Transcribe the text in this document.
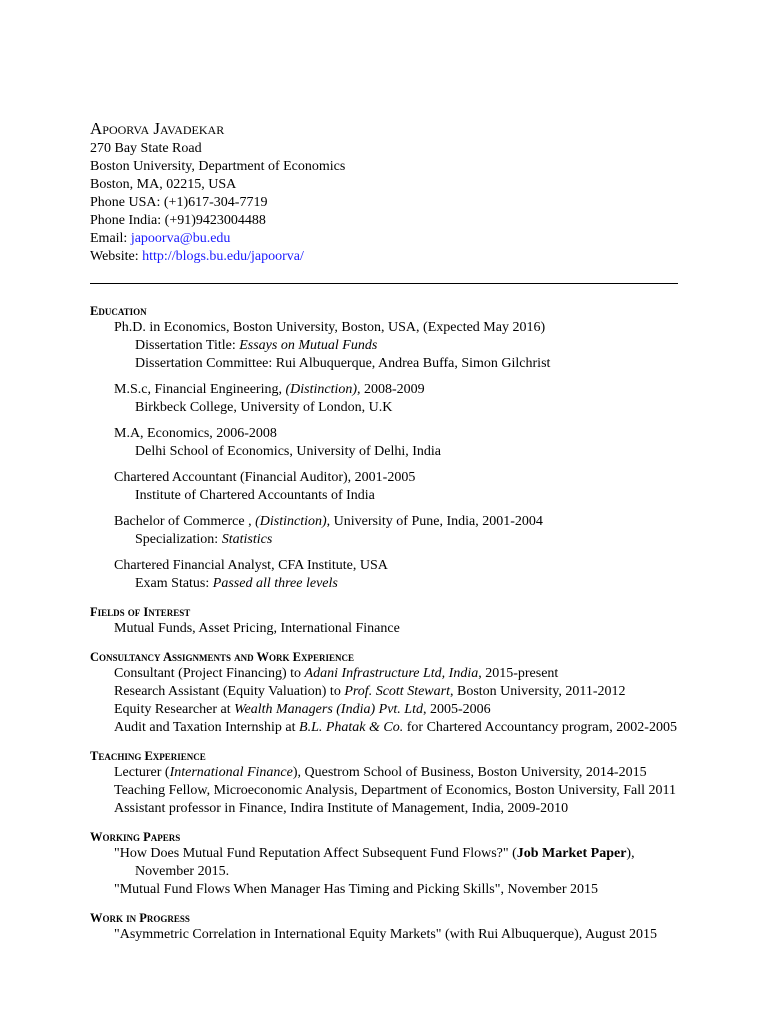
Apoorva Javadekar
270 Bay State Road
Boston University, Department of Economics
Boston, MA, 02215, USA
Phone USA: (+1)617-304-7719
Phone India: (+91)9423004488
Email: japoorva@bu.edu
Website: http://blogs.bu.edu/japoorva/
Education
Ph.D. in Economics, Boston University, Boston, USA, (Expected May 2016)
Dissertation Title: Essays on Mutual Funds
Dissertation Committee: Rui Albuquerque, Andrea Buffa, Simon Gilchrist
M.S.c, Financial Engineering, (Distinction), 2008-2009
Birkbeck College, University of London, U.K
M.A, Economics, 2006-2008
Delhi School of Economics, University of Delhi, India
Chartered Accountant (Financial Auditor), 2001-2005
Institute of Chartered Accountants of India
Bachelor of Commerce , (Distinction), University of Pune, India, 2001-2004
Specialization: Statistics
Chartered Financial Analyst, CFA Institute, USA
Exam Status: Passed all three levels
Fields of Interest
Mutual Funds, Asset Pricing, International Finance
Consultancy Assignments and Work Experience
Consultant (Project Financing) to Adani Infrastructure Ltd, India, 2015-present
Research Assistant (Equity Valuation) to Prof. Scott Stewart, Boston University, 2011-2012
Equity Researcher at Wealth Managers (India) Pvt. Ltd, 2005-2006
Audit and Taxation Internship at B.L. Phatak & Co. for Chartered Accountancy program, 2002-2005
Teaching Experience
Lecturer (International Finance), Questrom School of Business, Boston University, 2014-2015
Teaching Fellow, Microeconomic Analysis, Department of Economics, Boston University, Fall 2011
Assistant professor in Finance, Indira Institute of Management, India, 2009-2010
Working Papers
"How Does Mutual Fund Reputation Affect Subsequent Fund Flows?" (Job Market Paper), November 2015.
"Mutual Fund Flows When Manager Has Timing and Picking Skills", November 2015
Work in Progress
"Asymmetric Correlation in International Equity Markets" (with Rui Albuquerque), August 2015
